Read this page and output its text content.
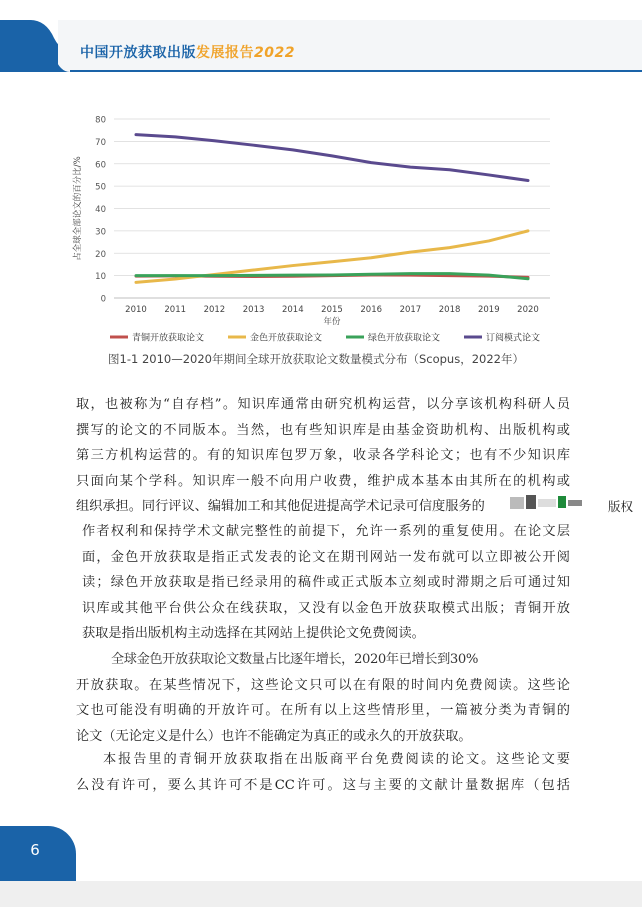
中国开放获取出版发展报告2022
0
10
20
30
40
50
60
70
80
2010 2011 2012 2013 2014 2015 2016 2017 2018 2019 2020
年份
占全球全部论文的百分比/%
青铜开放获取论文	金色开放获取论文	绿色开放获取论文	订阅模式论文
图1-1 2010—2020年期间全球开放获取论文数量模式分布（Scopus，2022年）
取，也被称为“自存档”。知识库通常由研究机构运营，以分享该机构科研人员
撰写的论文的不同版本。当然，也有些知识库是由基金资助机构、出版机构或
第三方机构运营的。有的知识库包罗万象，收录各学科论文；也有不少知识库
只面向某个学科。知识库一般不向用户收费，维护成本基本由其所在的机构或
组织承担。同行评议、编辑加工和其他促进提高学术记录可信度服务的	版权
作者权利和保持学术文献完整性的前提下，允许一系列的重复使用。在论文层
面，金色开放获取是指正式发表的论文在期刊网站一发布就可以立即被公开阅
读；绿色开放获取是指已经录用的稿件或正式版本立刻或时滞期之后可通过知
识库或其他平台供公众在线获取，又没有以金色开放获取模式出版；青铜开放
获取是指出版机构主动选择在其网站上提供论文免费阅读。
全球金色开放获取论文数量占比逐年增长，2020年已增长到30%
开放获取。在某些情况下，这些论文只可以在有限的时间内免费阅读。这些论
文也可能没有明确的开放许可。在所有以上这些情形里，一篇被分类为青铜的
论文（无论定义是什么）也许不能确定为真正的或永久的开放获取。
本报告里的青铜开放获取指在出版商平台免费阅读的论文。这些论文要
么没有许可，要么其许可不是CC许可。这与主要的文献计量数据库（包括
6
